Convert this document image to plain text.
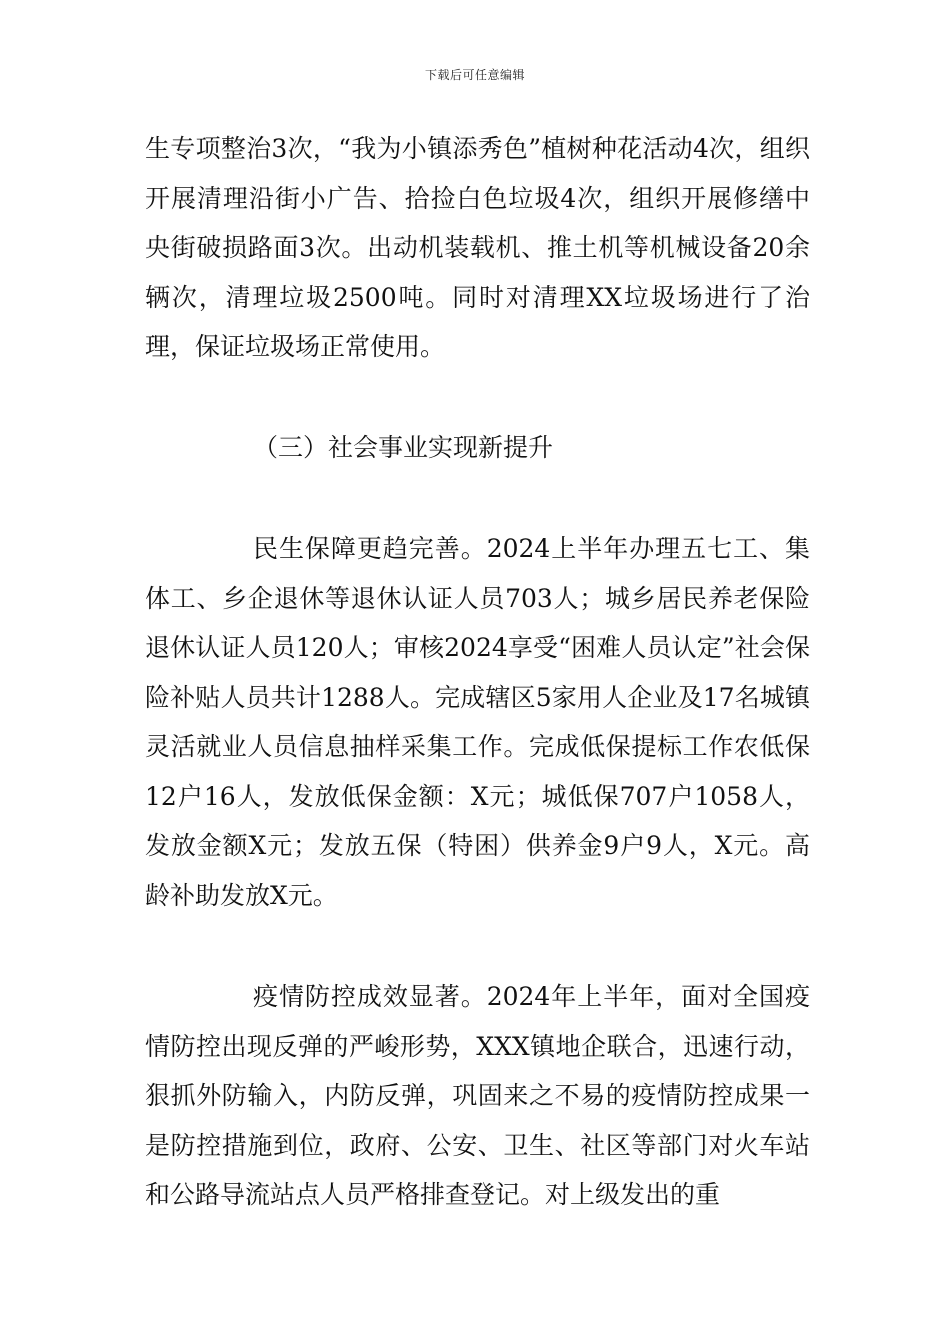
下载后可任意编辑

生专项整治3次，“我为小镇添秀色”植树种花活动4次，组织开展清理沿街小广告、拾捡白色垃圾4次，组织开展修缮中央街破损路面3次。出动机装载机、推土机等机械设备20余辆次，清理垃圾2500吨。同时对清理XX垃圾场进行了治理，保证垃圾场正常使用。

（三）社会事业实现新提升

民生保障更趋完善。2024上半年办理五七工、集体工、乡企退休等退休认证人员703人；城乡居民养老保险退休认证人员120人；审核2024享受“困难人员认定”社会保险补贴人员共计1288人。完成辖区5家用人企业及17名城镇灵活就业人员信息抽样采集工作。完成低保提标工作农低保12户16人，发放低保金额：X元；城低保707户1058人，发放金额X元；发放五保（特困）供养金9户9人，X元。高龄补助发放X元。

疫情防控成效显著。2024年上半年，面对全国疫情防控出现反弹的严峻形势，XXX镇地企联合，迅速行动，狠抓外防输入，内防反弹，巩固来之不易的疫情防控成果一是防控措施到位，政府、公安、卫生、社区等部门对火车站和公路导流站点人员严格排查登记。对上级发出的重
